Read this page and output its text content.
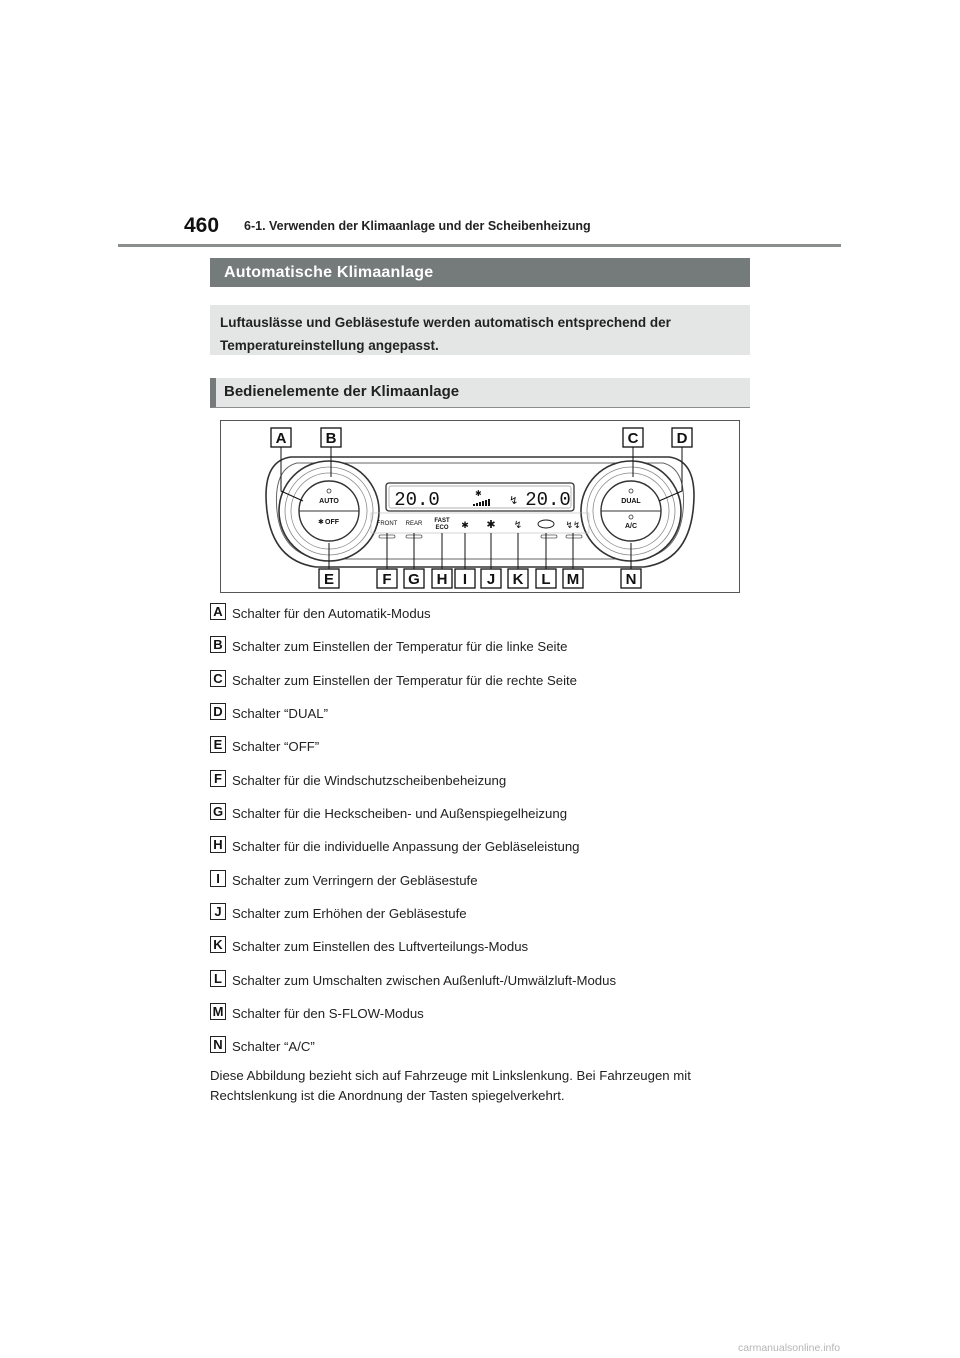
460 6-1. Verwenden der Klimaanlage und der Scheibenheizung
Automatische Klimaanlage
Luftauslässe und Gebläsestufe werden automatisch entsprechend der Temperatureinstellung angepasst.
Bedienelemente der Klimaanlage
AUTO
OFF
✱
DUAL
A/C
20.0	20.0
✱
↯
FRONT REAR FAST
ECO ✱ ✱ ↯	↯↯
A	B	C	D
E	F G H I J K L M	N
A Schalter für den Automatik-Modus
B Schalter zum Einstellen der Temperatur für die linke Seite
C Schalter zum Einstellen der Temperatur für die rechte Seite
D Schalter “DUAL”
E Schalter “OFF”
F Schalter für die Windschutzscheibenbeheizung
G Schalter für die Heckscheiben- und Außenspiegelheizung
H Schalter für die individuelle Anpassung der Gebläseleistung
I Schalter zum Verringern der Gebläsestufe
J Schalter zum Erhöhen der Gebläsestufe
K Schalter zum Einstellen des Luftverteilungs-Modus
L Schalter zum Umschalten zwischen Außenluft-/Umwälzluft-Modus
M Schalter für den S-FLOW-Modus
N Schalter “A/C”
Diese Abbildung bezieht sich auf Fahrzeuge mit Linkslenkung. Bei Fahrzeugen mit Rechtslenkung ist die Anordnung der Tasten spiegelverkehrt.
carmanualsonline.info
